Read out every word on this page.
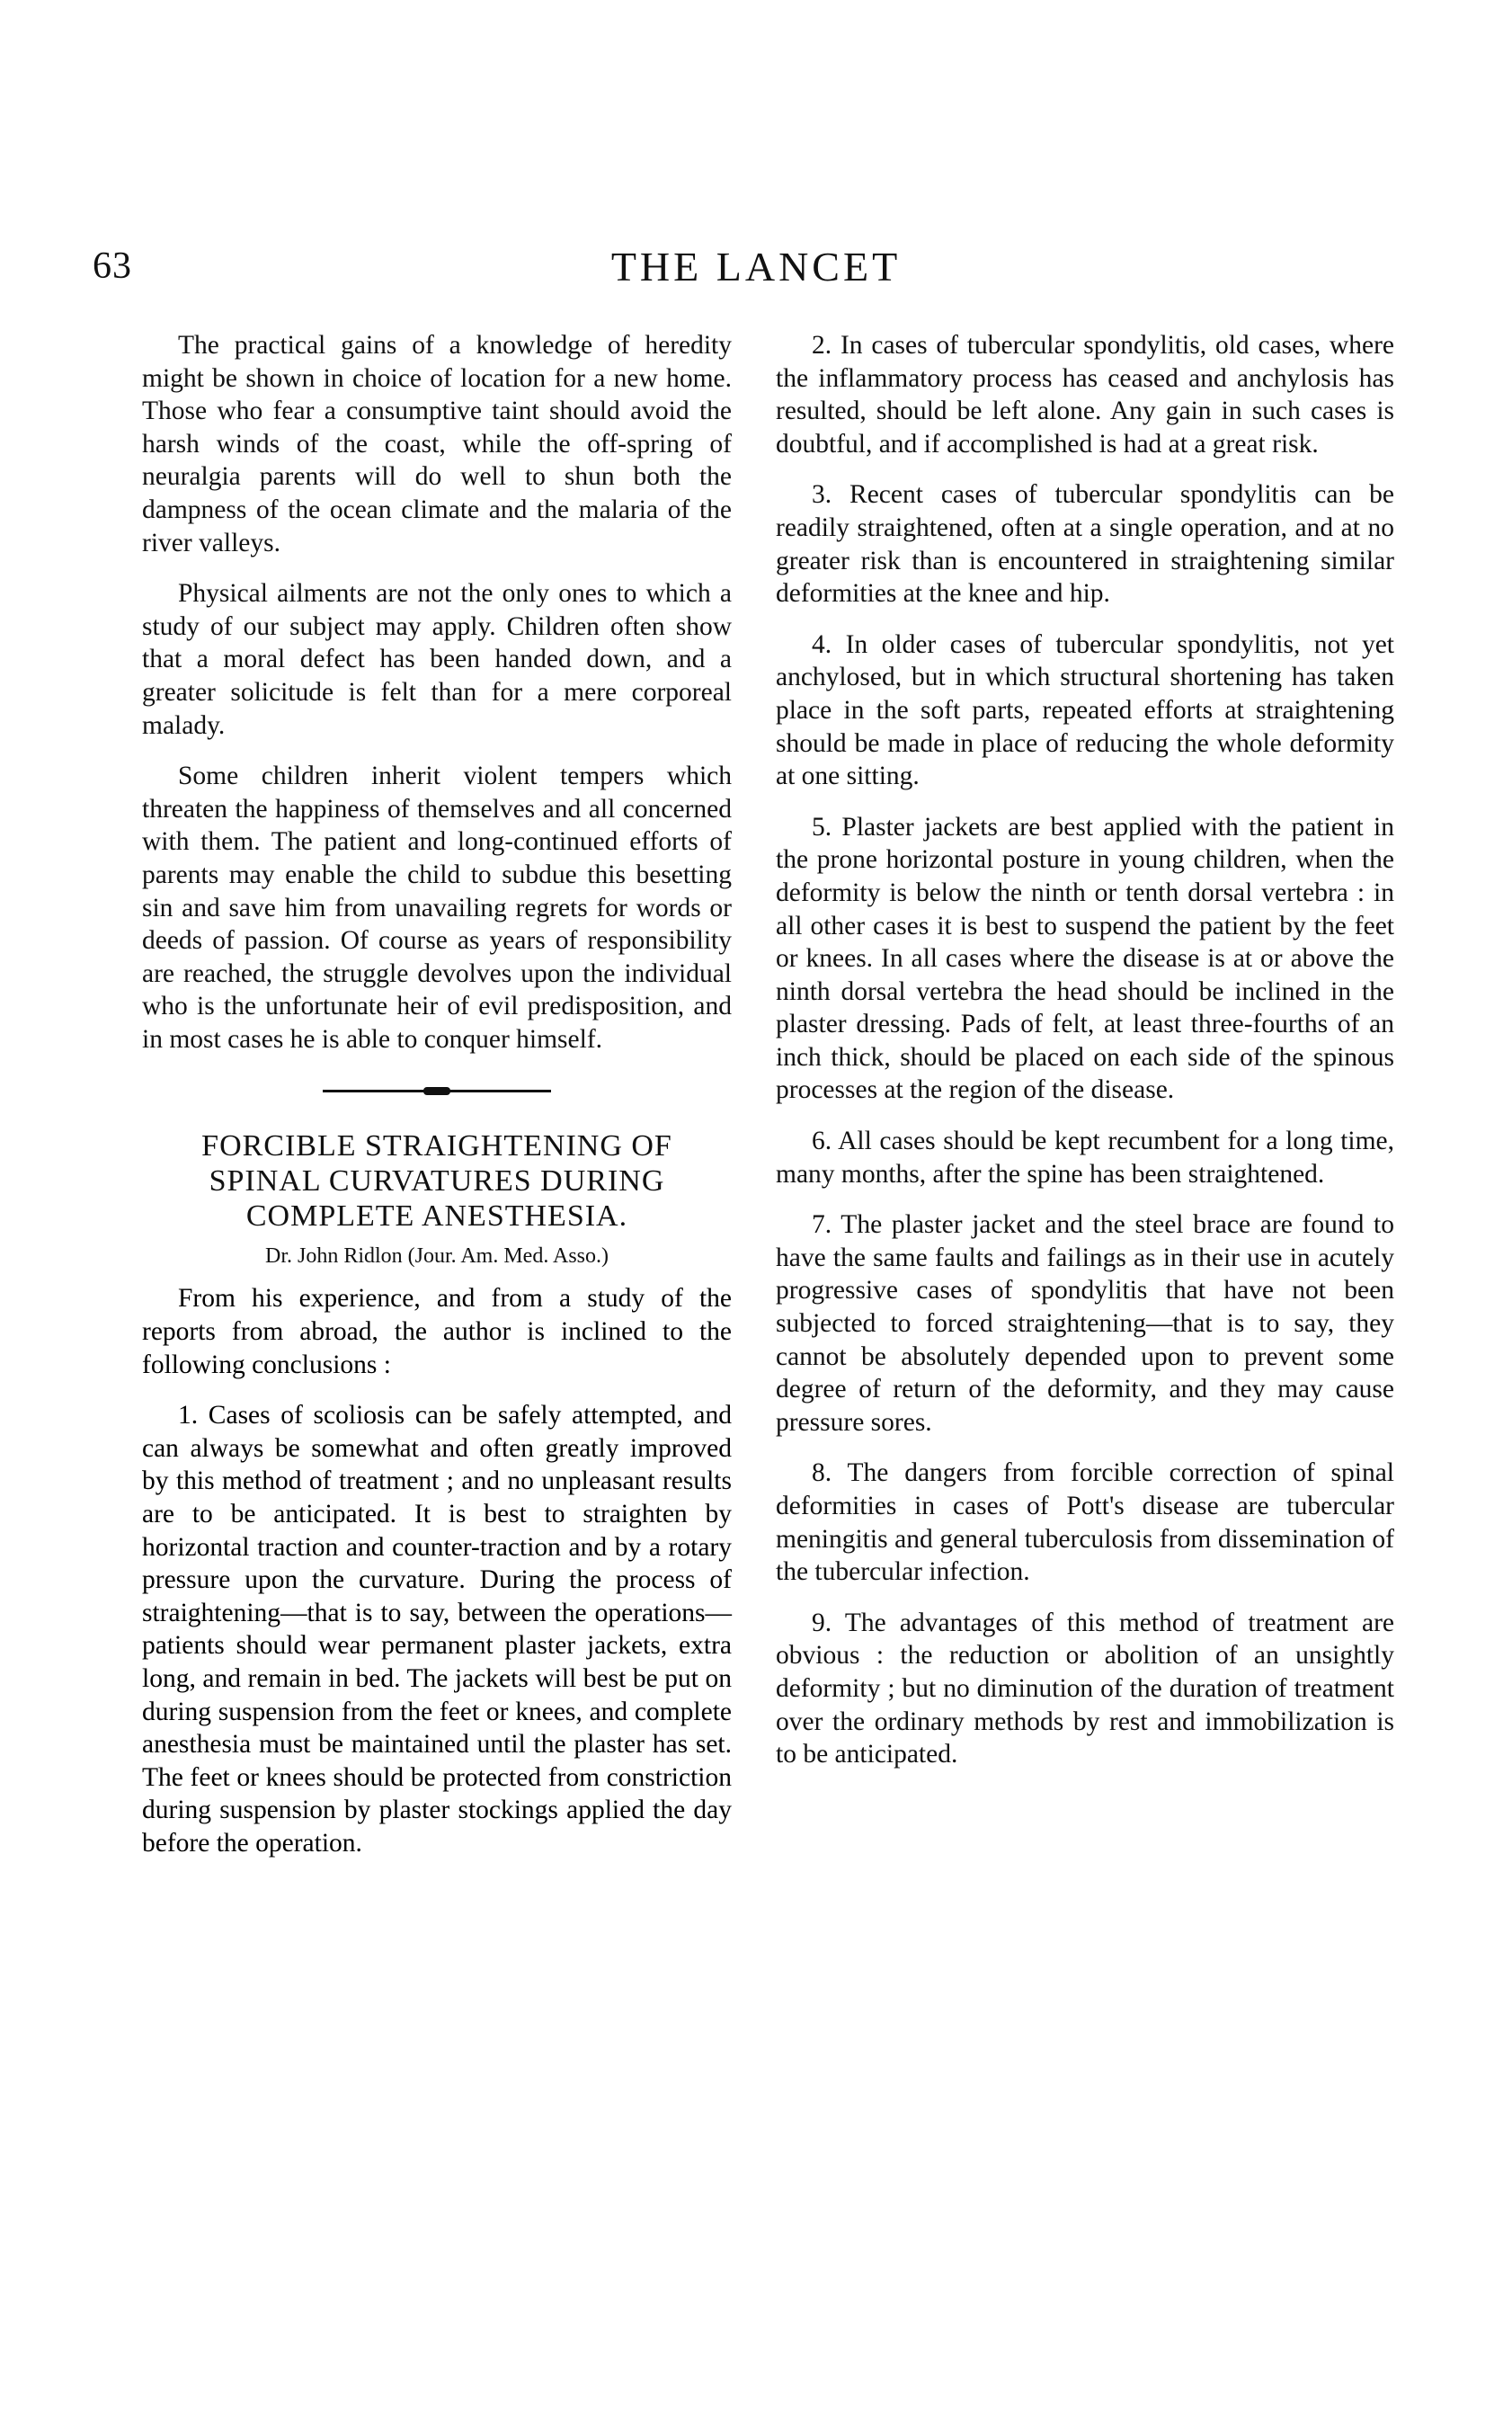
63	THE LANCET

The practical gains of a knowledge of heredity might be shown in choice of location for a new home. Those who fear a consumptive taint should avoid the harsh winds of the coast, while the off-spring of neuralgia parents will do well to shun both the dampness of the ocean climate and the malaria of the river valleys.

Physical ailments are not the only ones to which a study of our subject may apply. Children often show that a moral defect has been handed down, and a greater solicitude is felt than for a mere corporeal malady.

Some children inherit violent tempers which threaten the happiness of themselves and all concerned with them. The patient and long-continued efforts of parents may enable the child to subdue this besetting sin and save him from unavailing regrets for words or deeds of passion. Of course as years of responsibility are reached, the struggle devolves upon the individual who is the unfortunate heir of evil predisposition, and in most cases he is able to conquer himself.

FORCIBLE STRAIGHTENING OF
SPINAL CURVATURES DURING
COMPLETE ANESTHESIA.
Dr. John Ridlon (Jour. Am. Med. Asso.)

From his experience, and from a study of the reports from abroad, the author is inclined to the following conclusions :

1. Cases of scoliosis can be safely attempted, and can always be somewhat and often greatly improved by this method of treatment ; and no unpleasant results are to be anticipated. It is best to straighten by horizontal traction and counter-traction and by a rotary pressure upon the curvature. During the process of straightening—that is to say, between the operations—patients should wear permanent plaster jackets, extra long, and remain in bed. The jackets will best be put on during suspension from the feet or knees, and complete anesthesia must be maintained until the plaster has set. The feet or knees should be protected from constriction during suspension by plaster stockings applied the day before the operation.

2. In cases of tubercular spondylitis, old cases, where the inflammatory process has ceased and anchylosis has resulted, should be left alone. Any gain in such cases is doubtful, and if accomplished is had at a great risk.

3. Recent cases of tubercular spondylitis can be readily straightened, often at a single operation, and at no greater risk than is encountered in straightening similar deformities at the knee and hip.

4. In older cases of tubercular spondylitis, not yet anchylosed, but in which structural shortening has taken place in the soft parts, repeated efforts at straightening should be made in place of reducing the whole deformity at one sitting.

5. Plaster jackets are best applied with the patient in the prone horizontal posture in young children, when the deformity is below the ninth or tenth dorsal vertebra : in all other cases it is best to suspend the patient by the feet or knees. In all cases where the disease is at or above the ninth dorsal vertebra the head should be inclined in the plaster dressing. Pads of felt, at least three-fourths of an inch thick, should be placed on each side of the spinous processes at the region of the disease.

6. All cases should be kept recumbent for a long time, many months, after the spine has been straightened.

7. The plaster jacket and the steel brace are found to have the same faults and failings as in their use in acutely progressive cases of spondylitis that have not been subjected to forced straightening—that is to say, they cannot be absolutely depended upon to prevent some degree of return of the deformity, and they may cause pressure sores.

8. The dangers from forcible correction of spinal deformities in cases of Pott's disease are tubercular meningitis and general tuberculosis from dissemination of the tubercular infection.

9. The advantages of this method of treatment are obvious : the reduction or abolition of an unsightly deformity ; but no diminution of the duration of treatment over the ordinary methods by rest and immobilization is to be anticipated.
